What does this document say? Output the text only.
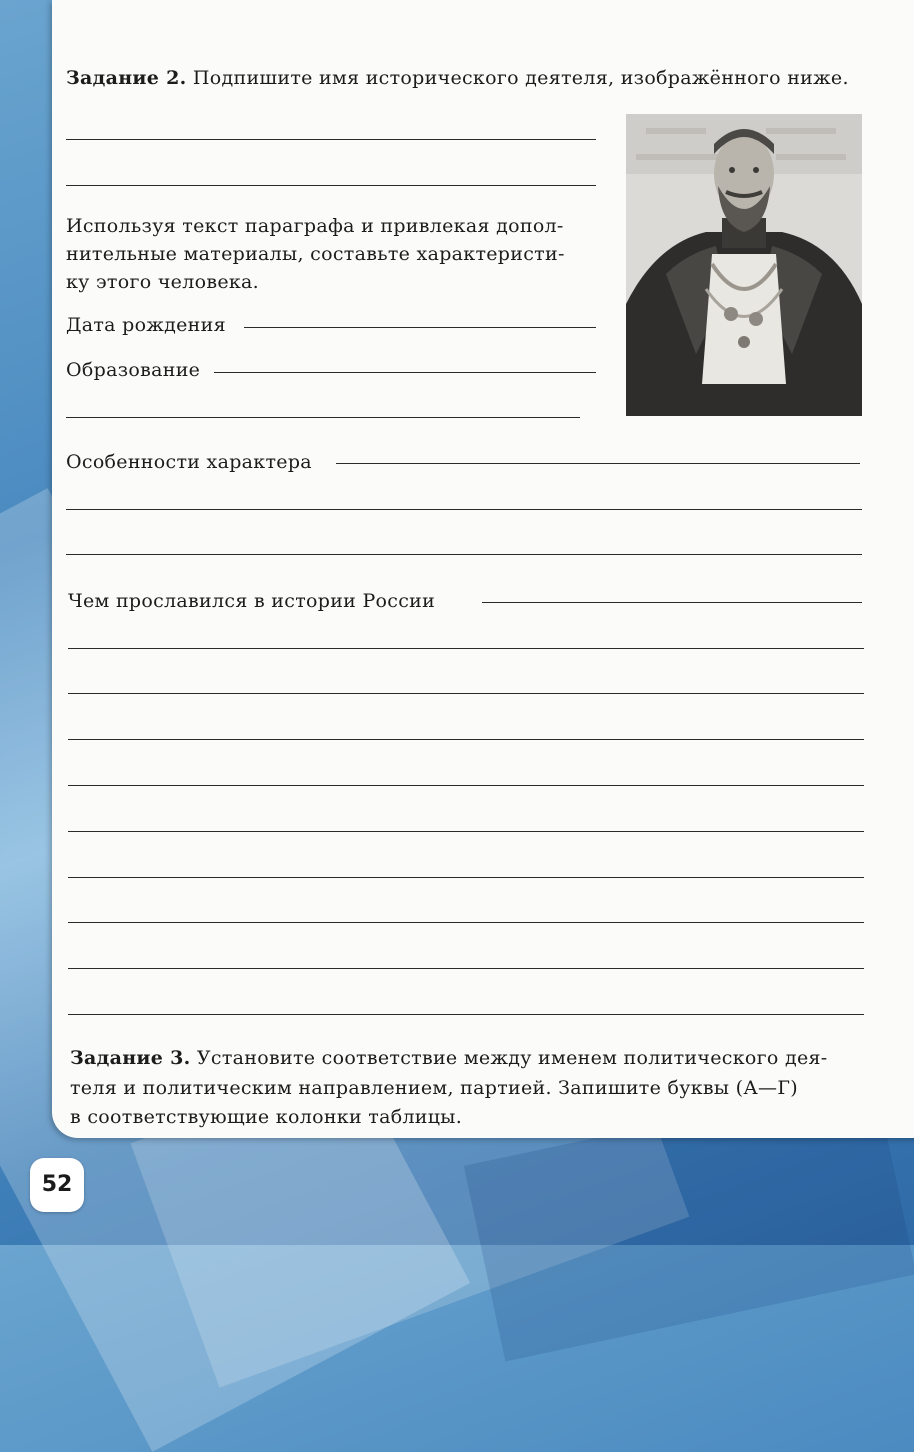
Задание 2. Подпишите имя исторического деятеля, изображённого ниже.
Используя текст параграфа и привлекая допол-
нительные материалы, составьте характеристи-
ку этого человека.
Дата рождения
Образование
Особенности характера
Чем прославился в истории России
Задание 3. Установите соответствие между именем политического дея-
теля и политическим направлением, партией. Запишите буквы (А—Г)
в соответствующие колонки таблицы.
52
